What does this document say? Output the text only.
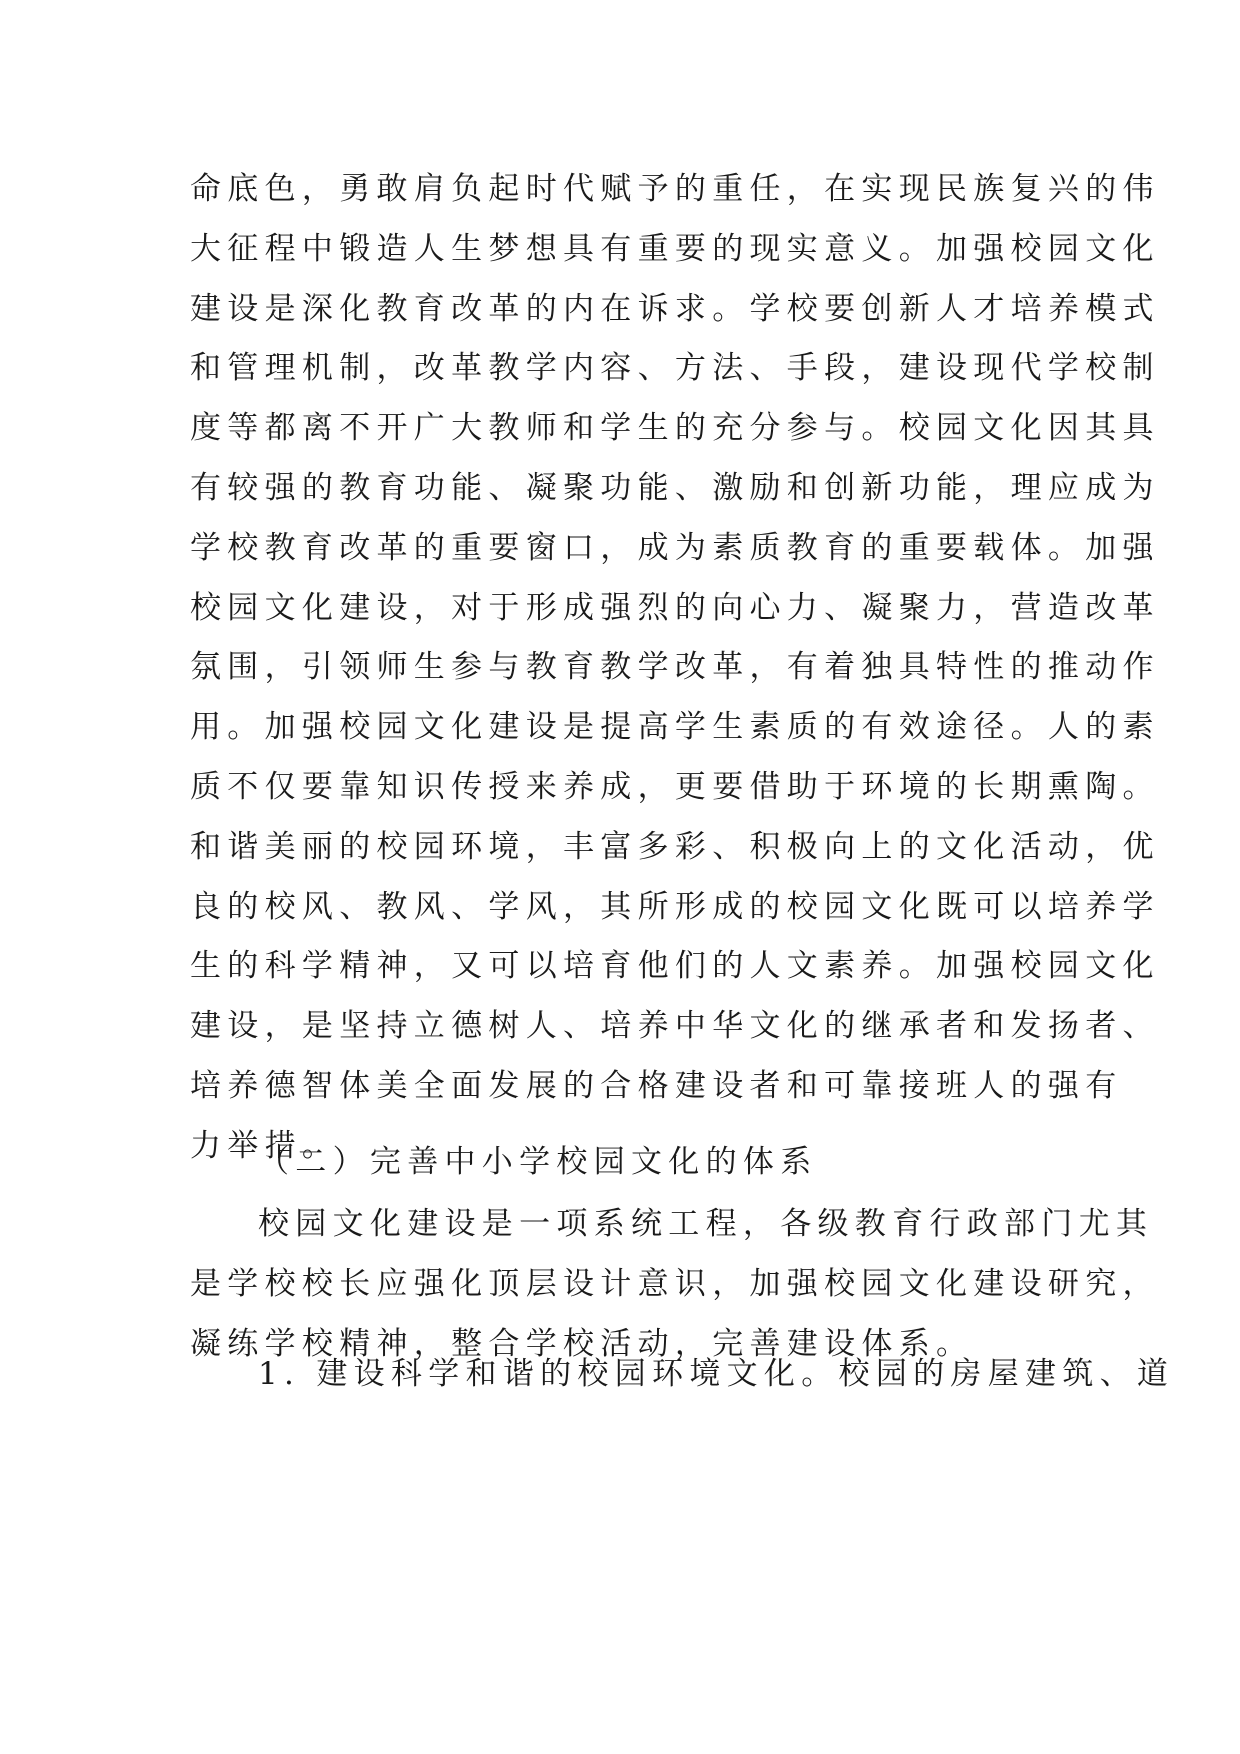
命底色，勇敢肩负起时代赋予的重任，在实现民族复兴的伟
大征程中锻造人生梦想具有重要的现实意义。加强校园文化
建设是深化教育改革的内在诉求。学校要创新人才培养模式
和管理机制，改革教学内容、方法、手段，建设现代学校制
度等都离不开广大教师和学生的充分参与。校园文化因其具
有较强的教育功能、凝聚功能、激励和创新功能，理应成为
学校教育改革的重要窗口，成为素质教育的重要载体。加强
校园文化建设，对于形成强烈的向心力、凝聚力，营造改革
氛围，引领师生参与教育教学改革，有着独具特性的推动作
用。加强校园文化建设是提高学生素质的有效途径。人的素
质不仅要靠知识传授来养成，更要借助于环境的长期熏陶。
和谐美丽的校园环境，丰富多彩、积极向上的文化活动，优
良的校风、教风、学风，其所形成的校园文化既可以培养学
生的科学精神，又可以培育他们的人文素养。加强校园文化
建设，是坚持立德树人、培养中华文化的继承者和发扬者、
培养德智体美全面发展的合格建设者和可靠接班人的强有
力举措。
（二）完善中小学校园文化的体系
校园文化建设是一项系统工程，各级教育行政部门尤其
是学校校长应强化顶层设计意识，加强校园文化建设研究，
凝练学校精神，整合学校活动，完善建设体系。
1. 建设科学和谐的校园环境文化。校园的房屋建筑、道
